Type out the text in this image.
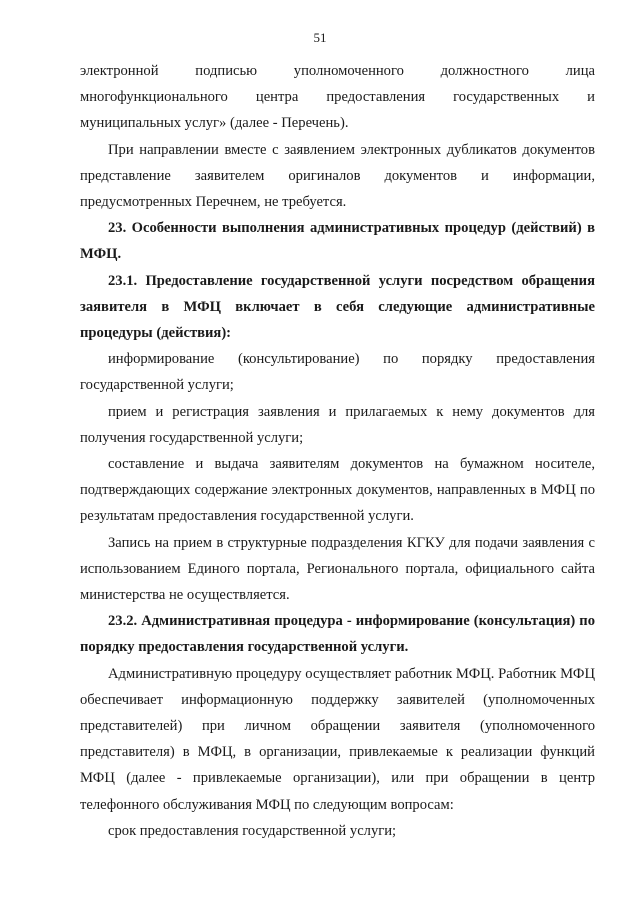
51

электронной подписью уполномоченного должностного лица многофункционального центра предоставления государственных и муниципальных услуг» (далее - Перечень).

При направлении вместе с заявлением электронных дубликатов документов представление заявителем оригиналов документов и информации, предусмотренных Перечнем, не требуется.

23. Особенности выполнения административных процедур (действий) в МФЦ.

23.1. Предоставление государственной услуги посредством обращения заявителя в МФЦ включает в себя следующие административные процедуры (действия):

информирование (консультирование) по порядку предоставления государственной услуги;

прием и регистрация заявления и прилагаемых к нему документов для получения государственной услуги;

составление и выдача заявителям документов на бумажном носителе, подтверждающих содержание электронных документов, направленных в МФЦ по результатам предоставления государственной услуги.

Запись на прием в структурные подразделения КГКУ для подачи заявления с использованием Единого портала, Регионального портала, официального сайта министерства не осуществляется.

23.2. Административная процедура - информирование (консультация) по порядку предоставления государственной услуги.

Административную процедуру осуществляет работник МФЦ. Работник МФЦ обеспечивает информационную поддержку заявителей (уполномоченных представителей) при личном обращении заявителя (уполномоченного представителя) в МФЦ, в организации, привлекаемые к реализации функций МФЦ (далее - привлекаемые организации), или при обращении в центр телефонного обслуживания МФЦ по следующим вопросам:

срок предоставления государственной услуги;
